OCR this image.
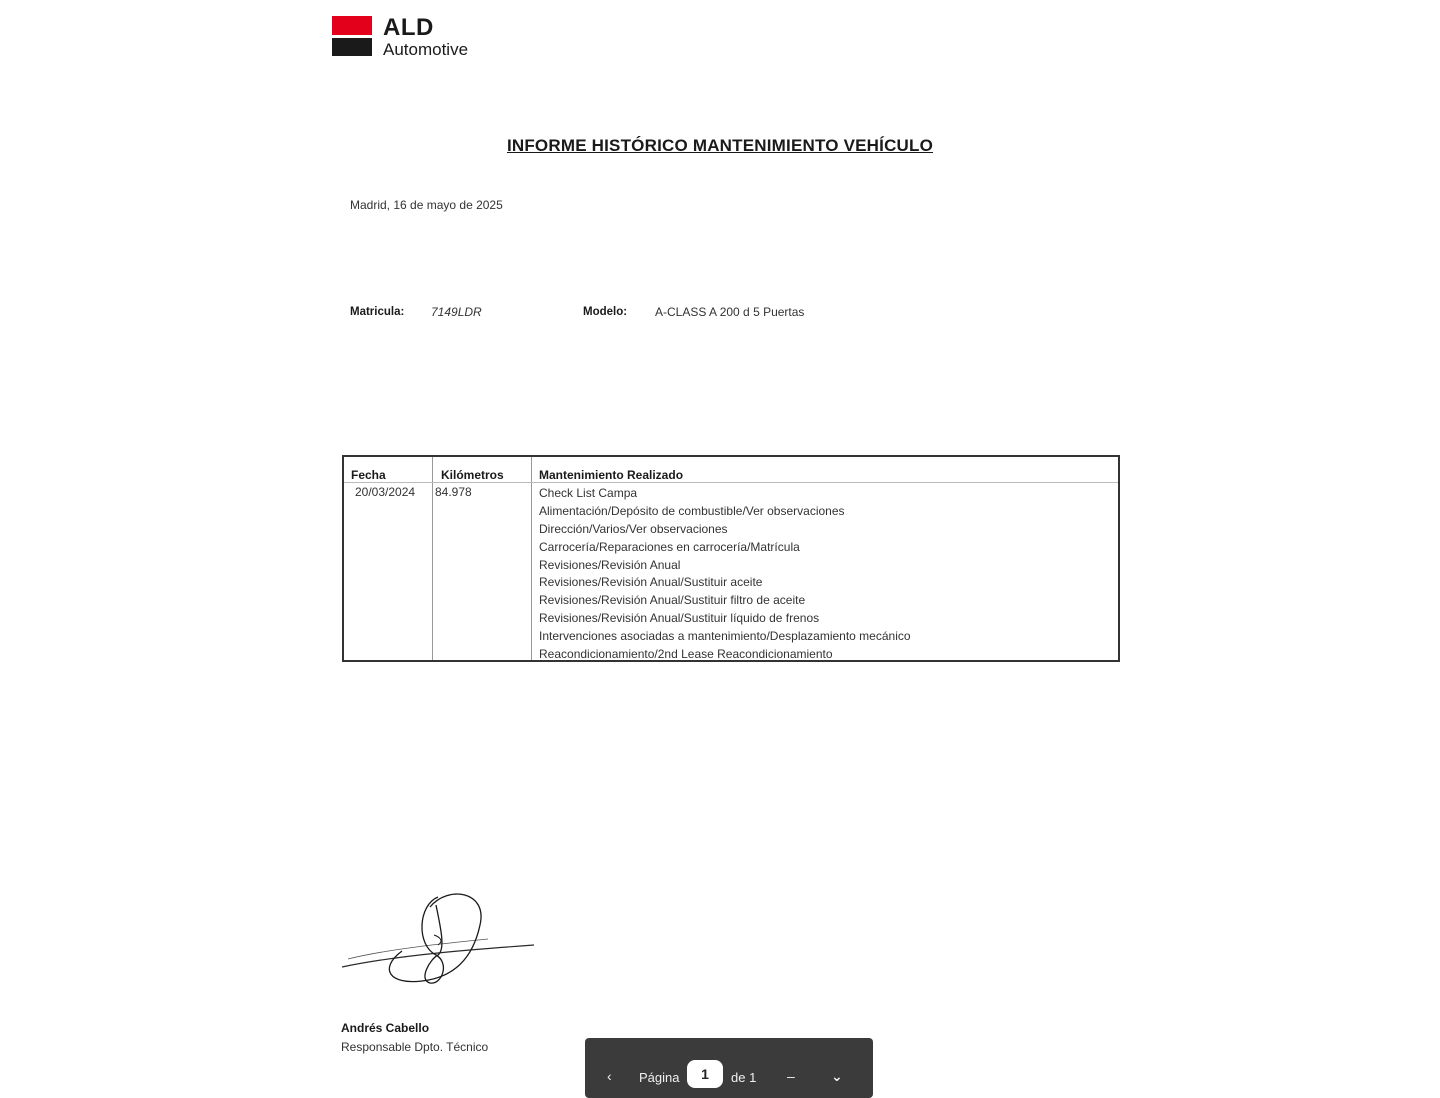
ALD
Automotive
INFORME HISTÓRICO MANTENIMIENTO VEHÍCULO
Madrid, 16 de mayo de 2025
Matricula: 7149LDR	Modelo: A-CLASS A 200 d 5 Puertas
Fecha	Kilómetros	Mantenimiento Realizado
20/03/2024 84.978	Check List Campa
Alimentación/Depósito de combustible/Ver observaciones
Dirección/Varios/Ver observaciones
Carrocería/Reparaciones en carrocería/Matrícula
Revisiones/Revisión Anual
Revisiones/Revisión Anual/Sustituir aceite
Revisiones/Revisión Anual/Sustituir filtro de aceite
Revisiones/Revisión Anual/Sustituir líquido de frenos
Intervenciones asociadas a mantenimiento/Desplazamiento mecánico
Reacondicionamiento/2nd Lease Reacondicionamiento
Andrés Cabello
Responsable Dpto. Técnico
‹ Página
1	de 1 –	⌄
